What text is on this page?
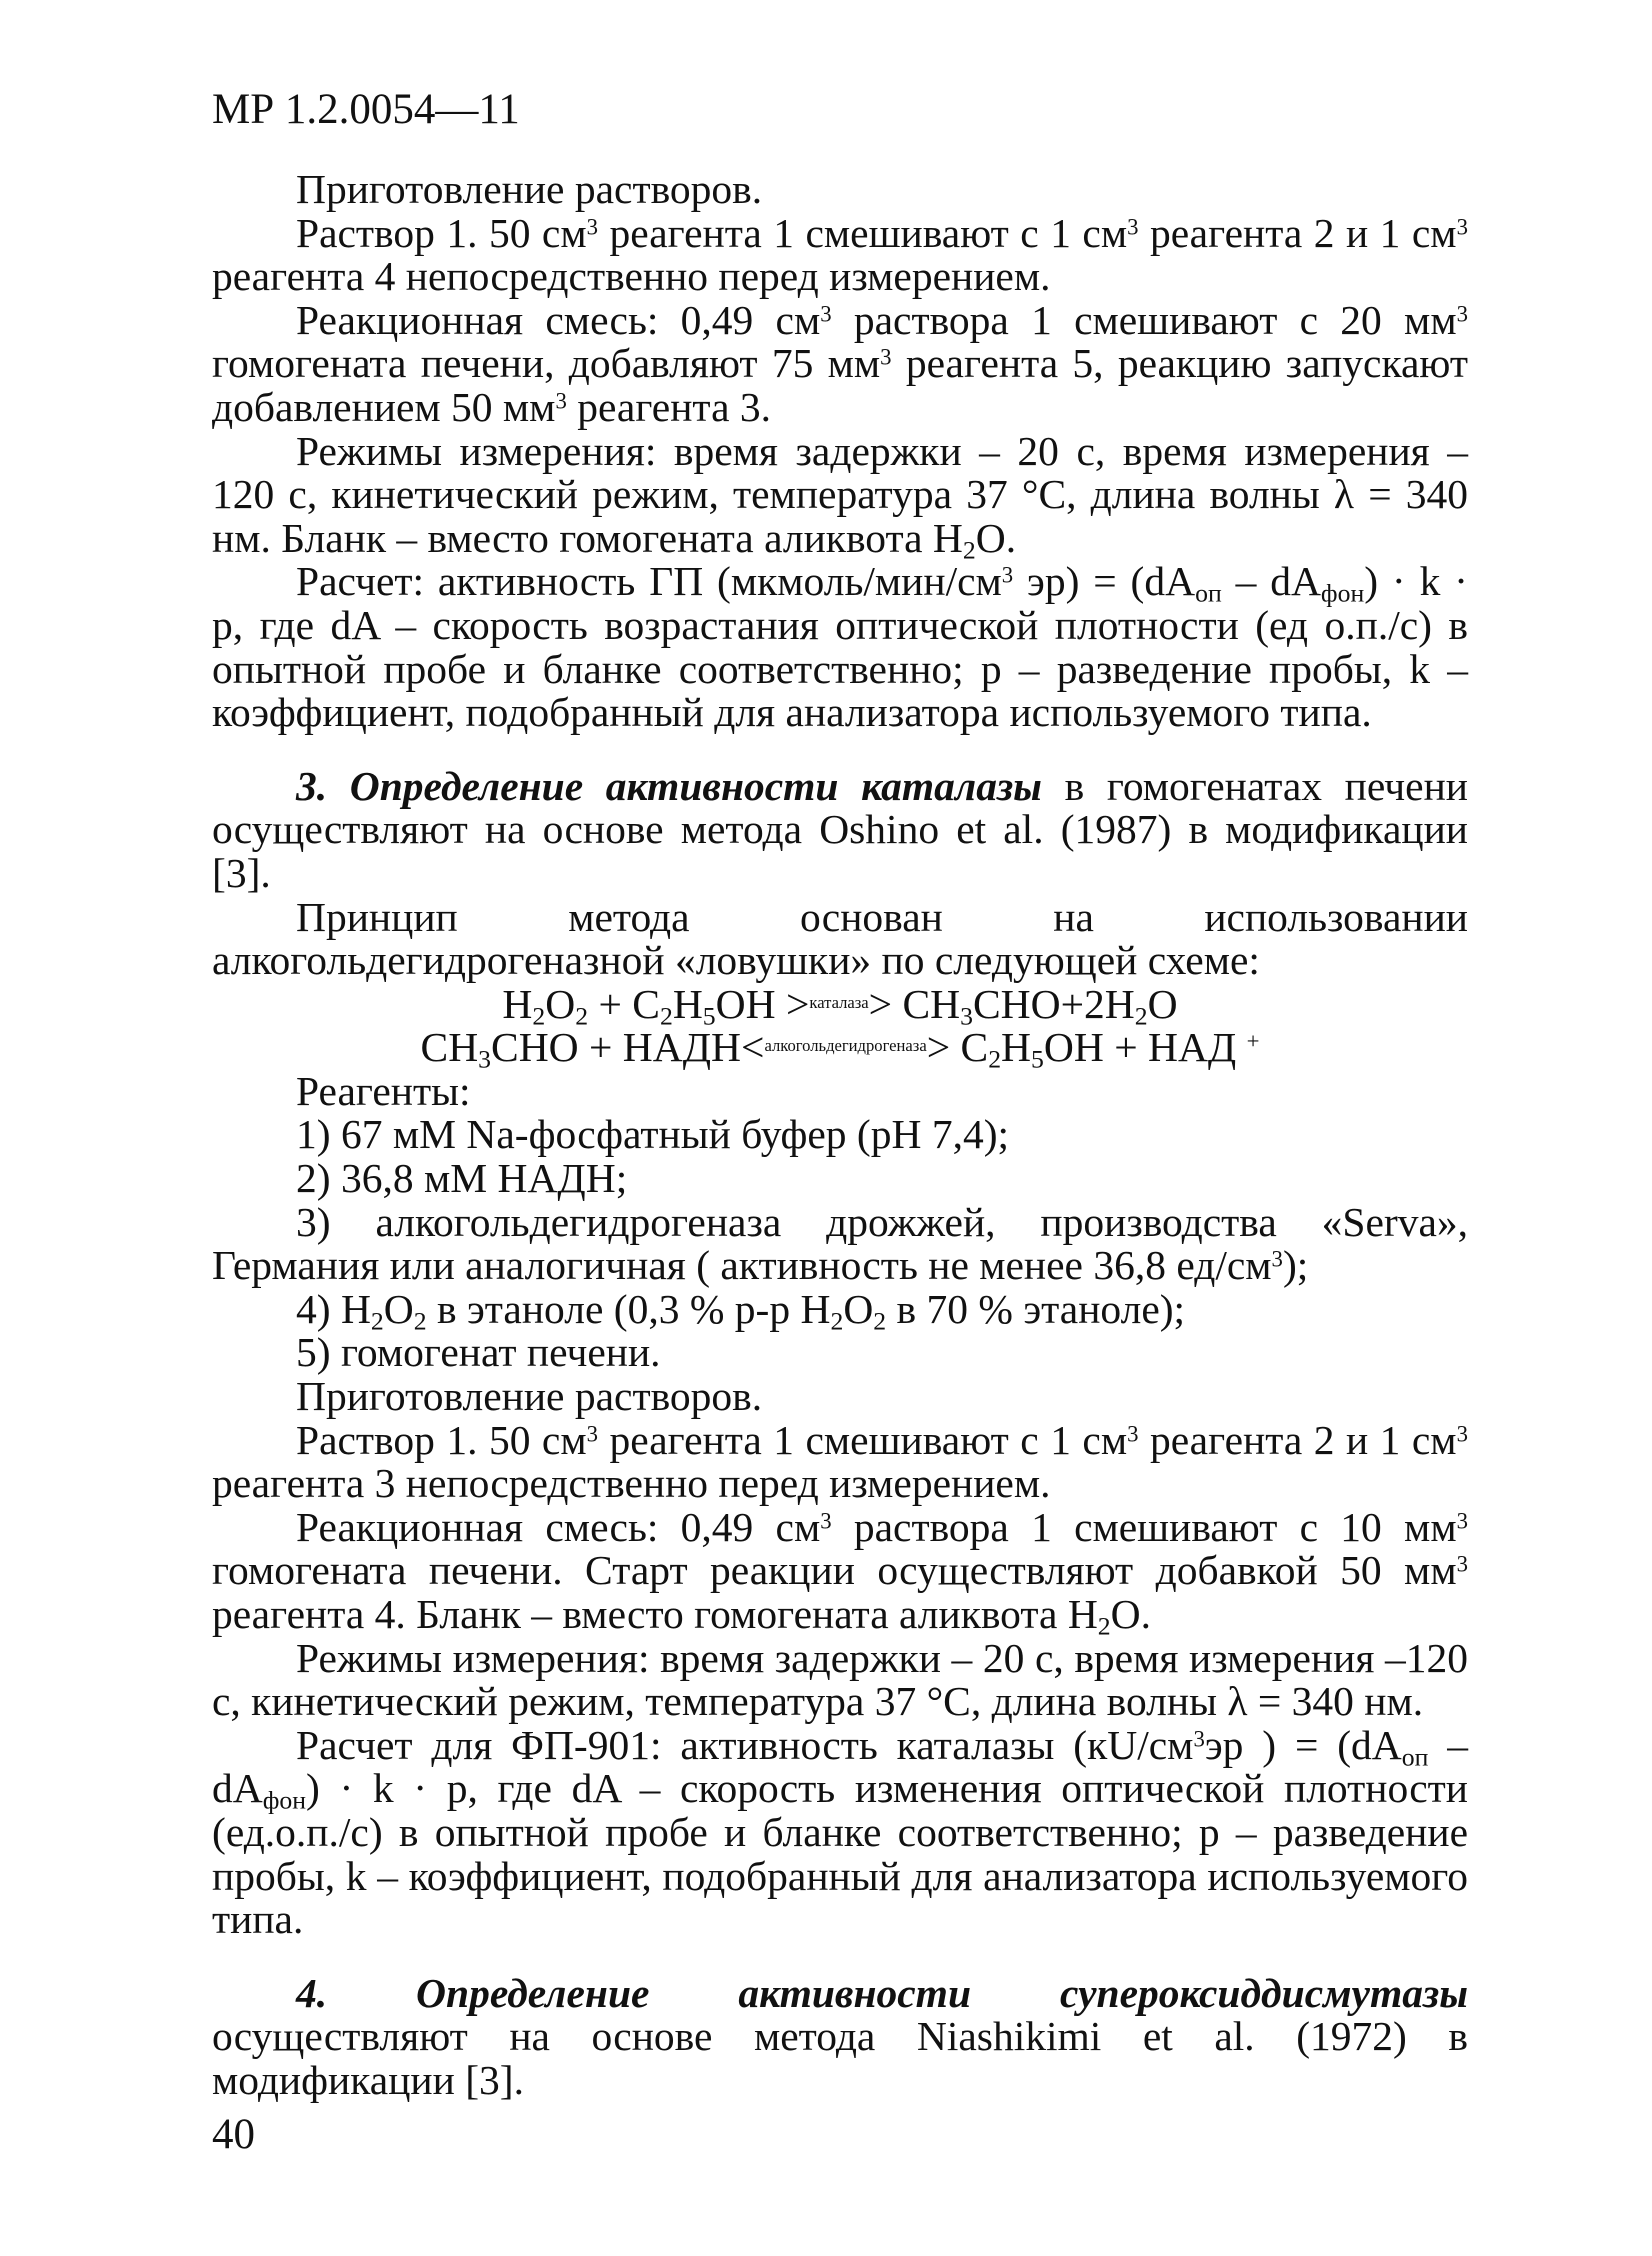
МР 1.2.0054—11

Приготовление растворов.

Раствор 1. 50 $см^3$ реагента 1 смешивают с 1 $см^3$ реагента 2 и 1 $см^3$ реагента 4 непосредственно перед измерением.

Реакционная смесь: 0,49 $см^3$ раствора 1 смешивают с 20 $мм^3$ гомогената печени, добавляют 75 $мм^3$ реагента 5, реакцию запускают добавлением 50 $мм^3$ реагента 3.

Режимы измерения: время задержки – 20 с, время измерения – 120 с, кинетический режим, температура 37 °С, длина волны λ = 340 нм. Бланк – вместо гомогената аликвота $H_2O$.

Расчет: активность ГП ($мкмоль/мин/см^3$ $эр) = (dA_{оп} - dA_{фон}) \cdot k \cdot p$, где dA – скорость возрастания оптической плотности (ед о.п./с) в опытной пробе и бланке соответственно; р – разведение пробы, k – коэффициент, подобранный для анализатора используемого типа.

3. Определение активности каталазы в гомогенатах печени осуществляют на основе метода Oshino et al. (1987) в модификации [3].

Принцип метода основан на использовании алкогольдегидрогеназной «ловушки» по следующей схеме:

$H_2O_2 + C_2H_5OH >^{каталаза}> CH_3CHO+2H_2O$

$CH_3CHO$ + НАДН<$^{алкогольдегидрогеназа}$> $C_2H_5OH$ + НАД +

Реагенты:

1) 67 мМ Na-фосфатный буфер (рН 7,4);

2) 36,8 мМ НАДН;

3) алкогольдегидрогеназа дрожжей, производства «Serva», Германия или аналогичная ( активность не менее 36,8 $ед/см^3$);

4) $H_2O_2$ в этаноле (0,3 % р-р $H_2O_2$ в 70 % этаноле);

5) гомогенат печени.

Приготовление растворов.

Раствор 1. 50 $см^3$ реагента 1 смешивают с 1 $см^3$ реагента 2 и 1 $см^3$ реагента 3 непосредственно перед измерением.

Реакционная смесь: 0,49 $см^3$ раствора 1 смешивают с 10 $мм^3$ гомогената печени. Старт реакции осуществляют добавкой 50 $мм^3$ реагента 4. Бланк – вместо гомогената аликвота $H_2O$.

Режимы измерения: время задержки – 20 с, время измерения –120 с, кинетический режим, температура 37 °С, длина волны λ = 340 нм.

Расчет для ФП-901: активность каталазы ($кU/см^3эр$ ) = $(dA_{оп} - dA_{фон}) \cdot k \cdot p$, где dA – скорость изменения оптической плотности (ед.о.п./с) в опытной пробе и бланке соответственно; р – разведение пробы, k – коэффициент, подобранный для анализатора используемого типа.

4. Определение активности супероксиддисмутазы осуществляют на основе метода Niashikimi et al. (1972) в модификации [3].

40
